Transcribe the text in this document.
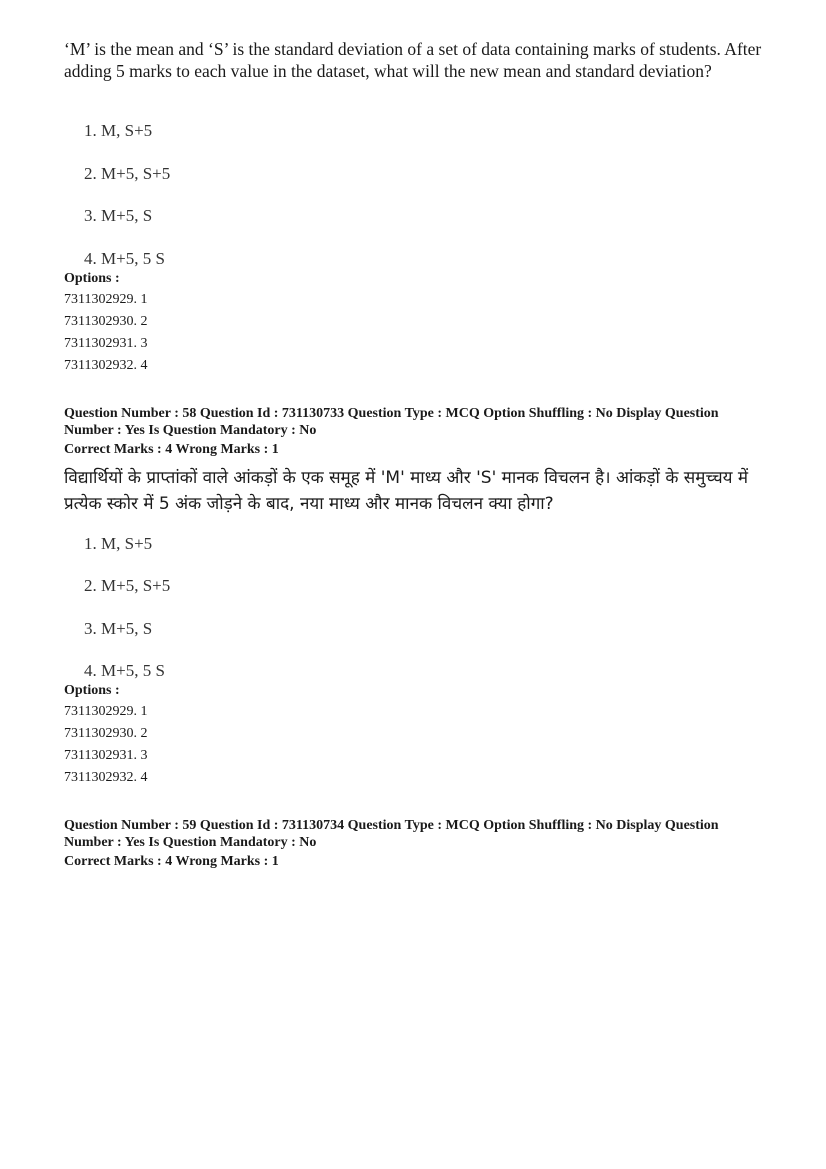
‘M’ is the mean and ‘S’ is the standard deviation of a set of data containing marks of students. After adding 5 marks to each value in the dataset, what will the new mean and standard deviation?
1. M, S+5
2. M+5, S+5
3. M+5, S
4. M+5, 5 S
Options :
7311302929. 1
7311302930. 2
7311302931. 3
7311302932. 4
Question Number : 58 Question Id : 731130733 Question Type : MCQ Option Shuffling : No Display Question
Number : Yes Is Question Mandatory : No
Correct Marks : 4 Wrong Marks : 1
विद्यार्थियों के प्राप्तांकों वाले आंकड़ों के एक समूह में 'M' माध्य और 'S' मानक विचलन है। आंकड़ों के समुच्चय में प्रत्येक स्कोर में 5 अंक जोड़ने के बाद, नया माध्य और मानक विचलन क्या होगा?
1. M, S+5
2. M+5, S+5
3. M+5, S
4. M+5, 5 S
Options :
7311302929. 1
7311302930. 2
7311302931. 3
7311302932. 4
Question Number : 59 Question Id : 731130734 Question Type : MCQ Option Shuffling : No Display Question
Number : Yes Is Question Mandatory : No
Correct Marks : 4 Wrong Marks : 1
